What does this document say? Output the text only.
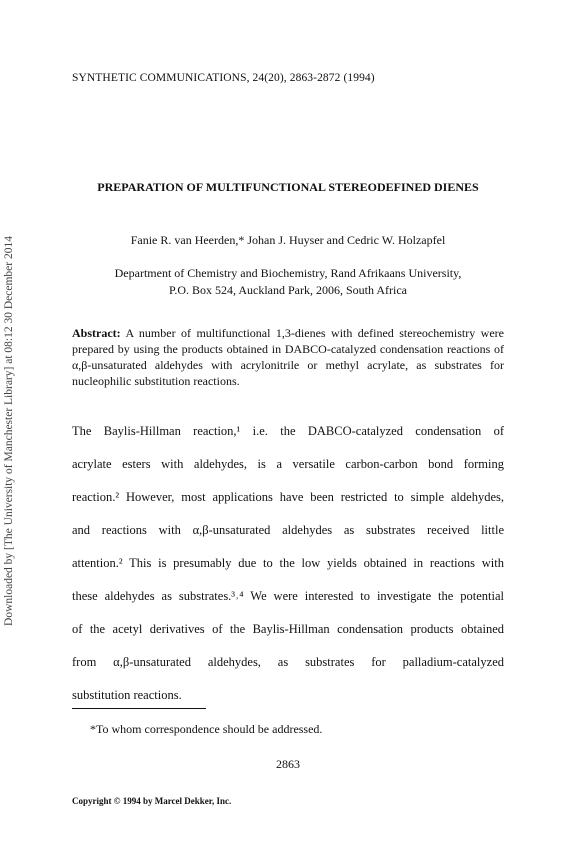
Downloaded by [The University of Manchester Library] at 08:12 30 December 2014
SYNTHETIC COMMUNICATIONS, 24(20), 2863-2872 (1994)
PREPARATION OF MULTIFUNCTIONAL STEREODEFINED DIENES
Fanie R. van Heerden,* Johan J. Huyser and Cedric W. Holzapfel
Department of Chemistry and Biochemistry, Rand Afrikaans University,
P.O. Box 524, Auckland Park, 2006, South Africa
Abstract: A number of multifunctional 1,3-dienes with defined stereochemistry were prepared by using the products obtained in DABCO-catalyzed condensation reactions of α,β-unsaturated aldehydes with acrylonitrile or methyl acrylate, as substrates for nucleophilic substitution reactions.
The Baylis-Hillman reaction,¹ i.e. the DABCO-catalyzed condensation of
acrylate esters with aldehydes, is a versatile carbon-carbon bond forming
reaction.² However, most applications have been restricted to simple aldehydes,
and reactions with α,β-unsaturated aldehydes as substrates received little
attention.² This is presumably due to the low yields obtained in reactions with
these aldehydes as substrates.³˒⁴ We were interested to investigate the potential
of the acetyl derivatives of the Baylis-Hillman condensation products obtained
from α,β-unsaturated aldehydes, as substrates for palladium-catalyzed
substitution reactions.
*To whom correspondence should be addressed.
2863
Copyright © 1994 by Marcel Dekker, Inc.
